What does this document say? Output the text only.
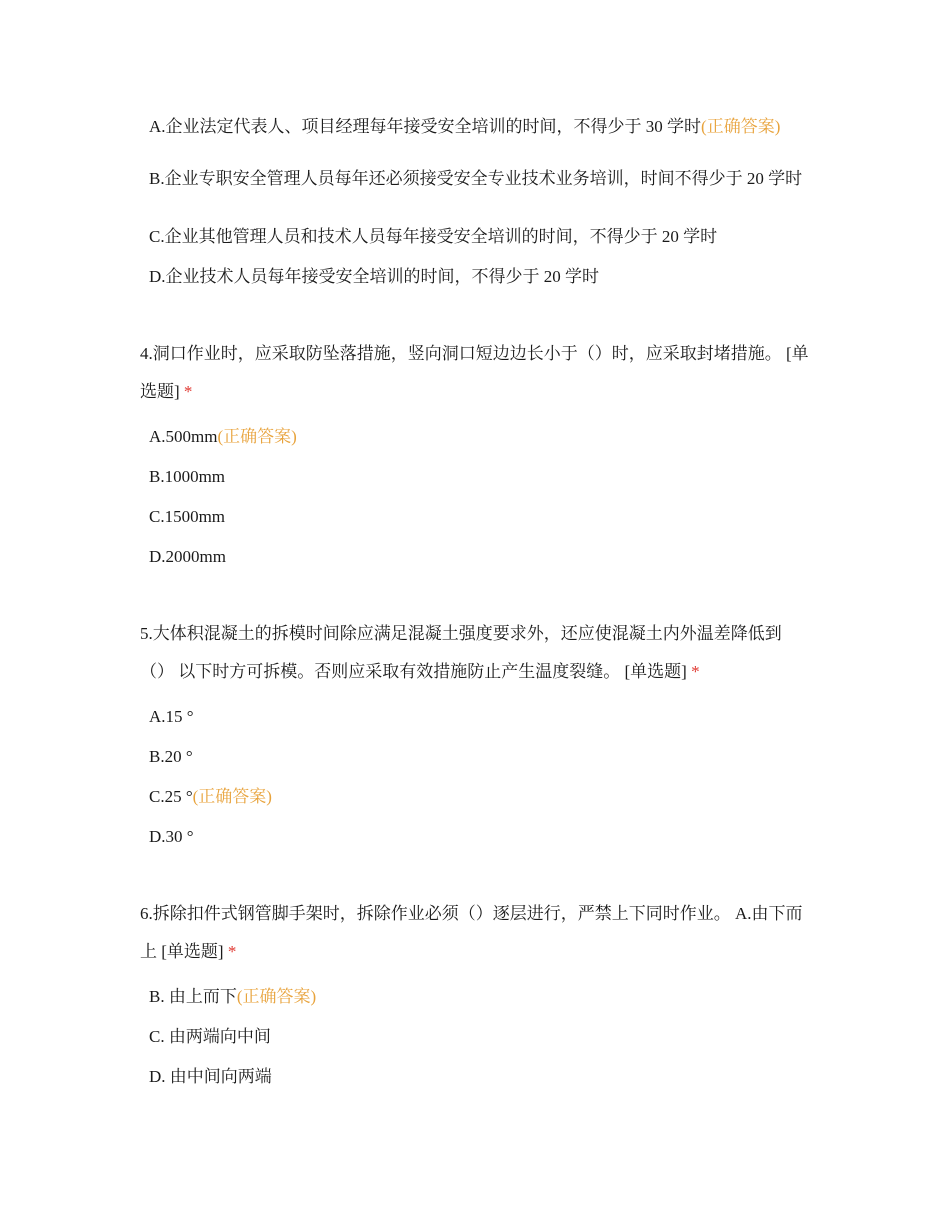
A.企业法定代表人、项目经理每年接受安全培训的时间，不得少于 30 学时(正确答案)
B.企业专职安全管理人员每年还必须接受安全专业技术业务培训，时间不得少于 20 学时
C.企业其他管理人员和技术人员每年接受安全培训的时间，不得少于 20 学时
D.企业技术人员每年接受安全培训的时间，不得少于 20 学时
4.洞口作业时，应采取防坠落措施，竖向洞口短边边长小于（）时，应采取封堵措施。 [单选题] *
A.500mm(正确答案)
B.1000mm
C.1500mm
D.2000mm
5.大体积混凝土的拆模时间除应满足混凝土强度要求外，还应使混凝土内外温差降低到（） 以下时方可拆模。否则应采取有效措施防止产生温度裂缝。 [单选题] *
A.15 °
B.20 °
C.25 °(正确答案)
D.30 °
6.拆除扣件式钢管脚手架时，拆除作业必须（）逐层进行，严禁上下同时作业。 A.由下而上 [单选题] *
B. 由上而下(正确答案)
C. 由两端向中间
D. 由中间向两端
